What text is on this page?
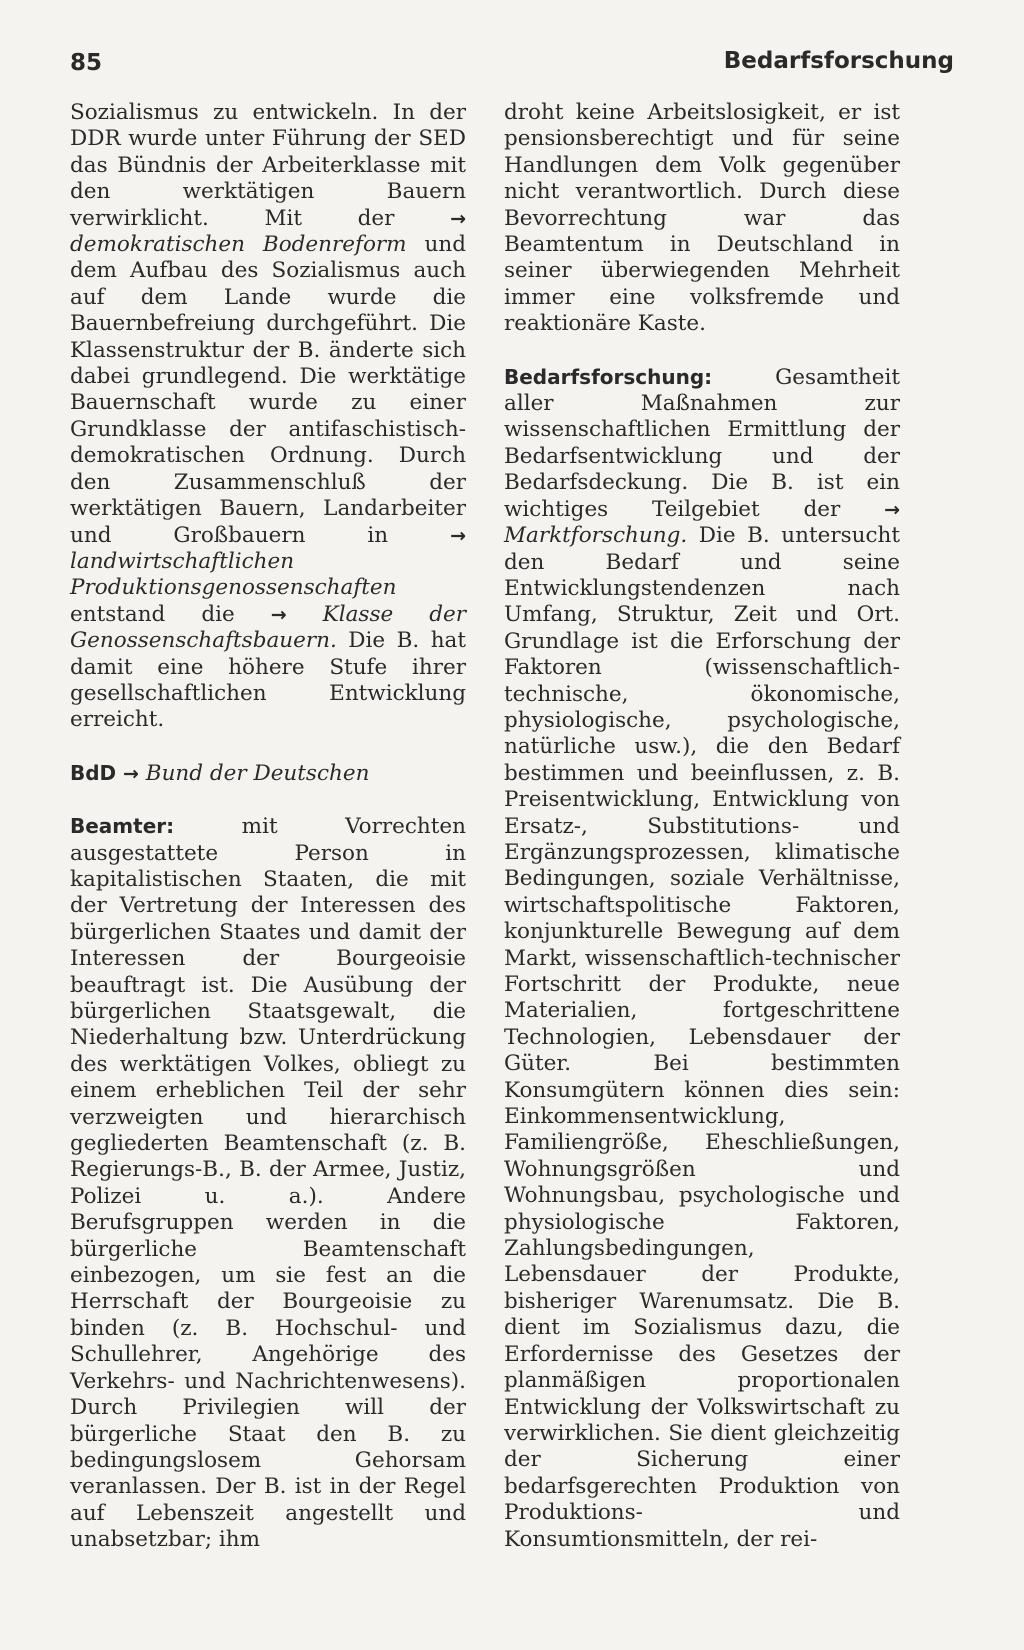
85	Bedarfsforschung

Sozialismus zu entwickeln. In der DDR wurde unter Führung der SED das Bündnis der Arbeiterklasse mit den werktätigen Bauern verwirklicht. Mit der → demokratischen Bodenreform und dem Aufbau des Sozialismus auch auf dem Lande wurde die Bauernbefreiung durchgeführt. Die Klassenstruktur der B. änderte sich dabei grundlegend. Die werktätige Bauernschaft wurde zu einer Grundklasse der antifaschistisch-demokratischen Ordnung. Durch den Zusammenschluß der werktätigen Bauern, Landarbeiter und Großbauern in → landwirtschaftlichen Produktionsgenossenschaften entstand die → Klasse der Genossenschaftsbauern. Die B. hat damit eine höhere Stufe ihrer gesellschaftlichen Entwicklung erreicht.

BdD → Bund der Deutschen

Beamter: mit Vorrechten ausgestattete Person in kapitalistischen Staaten, die mit der Vertretung der Interessen des bürgerlichen Staates und damit der Interessen der Bourgeoisie beauftragt ist. Die Ausübung der bürgerlichen Staatsgewalt, die Niederhaltung bzw. Unterdrückung des werktätigen Volkes, obliegt zu einem erheblichen Teil der sehr verzweigten und hierarchisch gegliederten Beamtenschaft (z. B. Regierungs-B., B. der Armee, Justiz, Polizei u. a.). Andere Berufsgruppen werden in die bürgerliche Beamtenschaft einbezogen, um sie fest an die Herrschaft der Bourgeoisie zu binden (z. B. Hochschul- und Schullehrer, Angehörige des Verkehrs- und Nachrichtenwesens). Durch Privilegien will der bürgerliche Staat den B. zu bedingungslosem Gehorsam veranlassen. Der B. ist in der Regel auf Lebenszeit angestellt und unabsetzbar; ihm

droht keine Arbeitslosigkeit, er ist pensionsberechtigt und für seine Handlungen dem Volk gegenüber nicht verantwortlich. Durch diese Bevorrechtung war das Beamtentum in Deutschland in seiner überwiegenden Mehrheit immer eine volksfremde und reaktionäre Kaste.

Bedarfsforschung: Gesamtheit aller Maßnahmen zur wissenschaftlichen Ermittlung der Bedarfsentwicklung und der Bedarfsdeckung. Die B. ist ein wichtiges Teilgebiet der → Marktforschung. Die B. untersucht den Bedarf und seine Entwicklungstendenzen nach Umfang, Struktur, Zeit und Ort. Grundlage ist die Erforschung der Faktoren (wissenschaftlich-technische, ökonomische, physiologische, psychologische, natürliche usw.), die den Bedarf bestimmen und beeinflussen, z. B. Preisentwicklung, Entwicklung von Ersatz-, Substitutions- und Ergänzungsprozessen, klimatische Bedingungen, soziale Verhältnisse, wirtschaftspolitische Faktoren, konjunkturelle Bewegung auf dem Markt, wissenschaftlich-technischer Fortschritt der Produkte, neue Materialien, fortgeschrittene Technologien, Lebensdauer der Güter. Bei bestimmten Konsumgütern können dies sein: Einkommensentwicklung, Familiengröße, Eheschließungen, Wohnungsgrößen und Wohnungsbau, psychologische und physiologische Faktoren, Zahlungsbedingungen, Lebensdauer der Produkte, bisheriger Warenumsatz. Die B. dient im Sozialismus dazu, die Erfordernisse des Gesetzes der planmäßigen proportionalen Entwicklung der Volkswirtschaft zu verwirklichen. Sie dient gleichzeitig der Sicherung einer bedarfsgerechten Produktion von Produktions- und Konsumtionsmitteln, der rei-
